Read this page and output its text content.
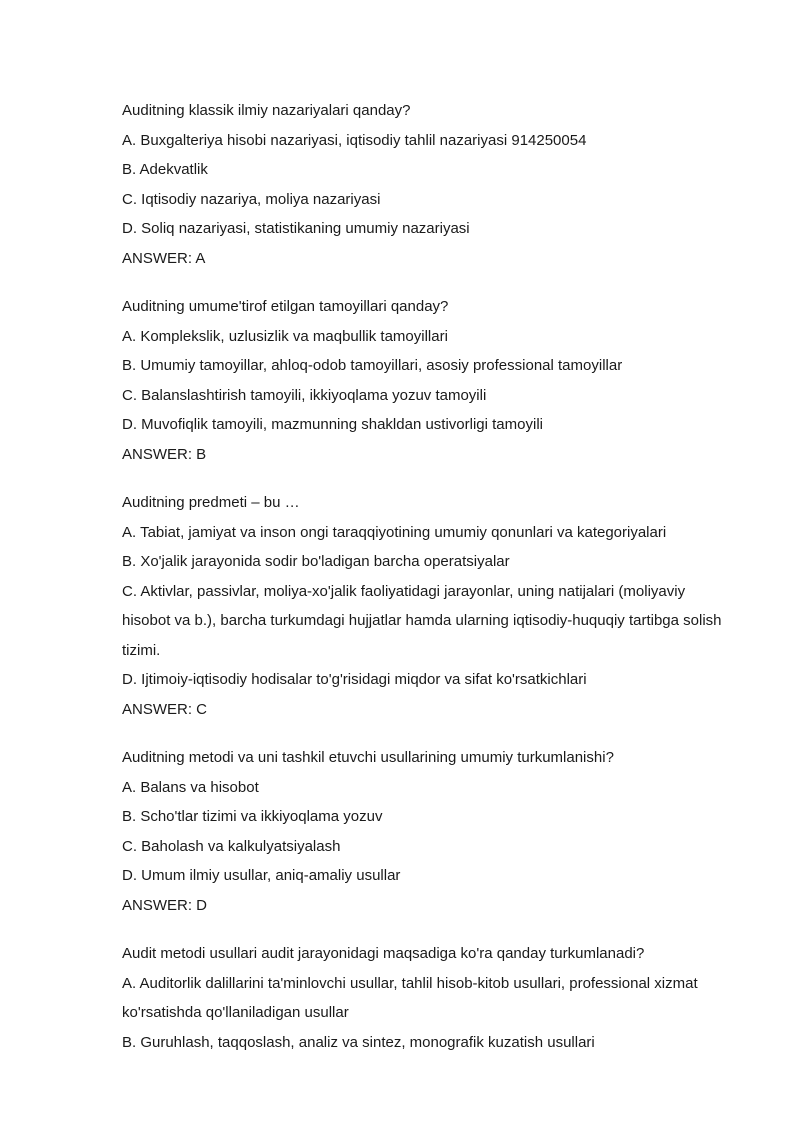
Auditning klassik ilmiy nazariyalari qanday?

A. Buxgalteriya hisobi nazariyasi, iqtisodiy tahlil nazariyasi 914250054

B. Adekvatlik

C. Iqtisodiy nazariya, moliya nazariyasi

D. Soliq nazariyasi, statistikaning umumiy nazariyasi

ANSWER: A

Auditning umume'tirof etilgan tamoyillari qanday?

A. Komplekslik, uzlusizlik va maqbullik tamoyillari

B. Umumiy tamoyillar, ahloq-odob tamoyillari, asosiy professional tamoyillar

C. Balanslashtirish tamoyili, ikkiyoqlama yozuv tamoyili

D. Muvofiqlik tamoyili, mazmunning shakldan ustivorligi tamoyili

ANSWER: B

Auditning predmeti – bu …

A. Tabiat, jamiyat va inson ongi taraqqiyotining umumiy qonunlari va kategoriyalari

B. Xo'jalik jarayonida sodir bo'ladigan barcha operatsiyalar

C. Aktivlar, passivlar, moliya-xo'jalik faoliyatidagi jarayonlar, uning natijalari (moliyaviy hisobot va b.), barcha turkumdagi hujjatlar hamda ularning iqtisodiy-huquqiy tartibga solish tizimi.

D. Ijtimoiy-iqtisodiy hodisalar to'g'risidagi miqdor va sifat ko'rsatkichlari

ANSWER: C

Auditning metodi va uni tashkil etuvchi usullarining umumiy turkumlanishi?

A. Balans va hisobot

B. Scho'tlar tizimi va ikkiyoqlama yozuv

C. Baholash va kalkulyatsiyalash

D. Umum ilmiy usullar, aniq-amaliy usullar

ANSWER: D

Audit metodi usullari audit jarayonidagi maqsadiga ko'ra qanday turkumlanadi?

A. Auditorlik dalillarini ta'minlovchi usullar, tahlil hisob-kitob usullari, professional xizmat ko'rsatishda qo'llaniladigan usullar

B. Guruhlash, taqqoslash, analiz va sintez, monografik kuzatish usullari
